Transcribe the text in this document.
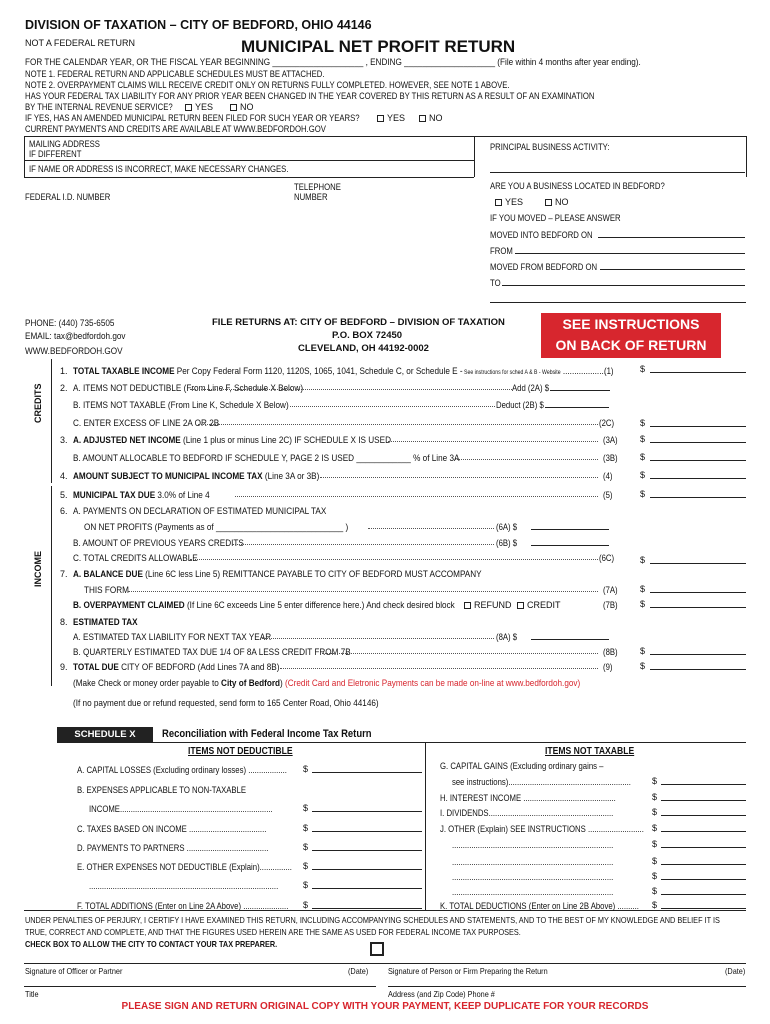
DIVISION OF TAXATION – CITY OF BEDFORD, OHIO 44146
NOT A FEDERAL RETURN	MUNICIPAL NET PROFIT RETURN
FOR THE CALENDAR YEAR, OR THE FISCAL YEAR BEGINNING ____________________ , ENDING ____________________ (File within 4 months after year ending).
NOTE 1. FEDERAL RETURN AND APPLICABLE SCHEDULES MUST BE ATTACHED.
NOTE 2. OVERPAYMENT CLAIMS WILL RECEIVE CREDIT ONLY ON RETURNS FULLY COMPLETED. HOWEVER, SEE NOTE 1 ABOVE.
HAS YOUR FEDERAL TAX LIABILITY FOR ANY PRIOR YEAR BEEN CHANGED IN THE YEAR COVERED BY THIS RETURN AS A RESULT OF AN EXAMINATION
BY THE INTERNAL REVENUE SERVICE?	YES	NO
IF YES, HAS AN AMENDED MUNICIPAL RETURN BEEN FILED FOR SUCH YEAR OR YEARS?	YES	NO
CURRENT PAYMENTS AND CREDITS ARE AVAILABLE AT WWW.BEDFORDOH.GOV
MAILING ADDRESS
IF DIFFERENT
IF NAME OR ADDRESS IS INCORRECT, MAKE NECESSARY CHANGES.
PRINCIPAL BUSINESS ACTIVITY:
FEDERAL I.D. NUMBER
TELEPHONE
NUMBER
ARE YOU A BUSINESS LOCATED IN BEDFORD?
YES	NO
IF YOU MOVED – PLEASE ANSWER
MOVED INTO BEDFORD ON
FROM
MOVED FROM BEDFORD ON
TO
PHONE: (440) 735-6505
EMAIL: tax@bedfordoh.gov
WWW.BEDFORDOH.GOV
FILE RETURNS AT: CITY OF BEDFORD – DIVISION OF TAXATION
P.O. BOX 72450
CLEVELAND, OH 44192-0002
SEE INSTRUCTIONS
ON BACK OF RETURN
CREDITS
INCOME
1. TOTAL TAXABLE INCOME Per Copy Federal Form 1120, 1120S, 1065, 1041, Schedule C, or Schedule E - See instructions for sched A & B - Website ...................
(1)	$
2. A. ITEMS NOT DEDUCTIBLE (From Line F, Schedule X Below)	Add (2A) $
B. ITEMS NOT TAXABLE (From Line K, Schedule X Below)	Deduct (2B) $
C. ENTER EXCESS OF LINE 2A OR 2B	(2C)	$
3. A. ADJUSTED NET INCOME (Line 1 plus or minus Line 2C) IF SCHEDULE X IS USED	(3A) $
B. AMOUNT ALLOCABLE TO BEDFORD IF SCHEDULE Y, PAGE 2 IS USED ____________ % of Line 3A	(3B) $
4. AMOUNT SUBJECT TO MUNICIPAL INCOME TAX (Line 3A or 3B)	(4)	$
5. MUNICIPAL TAX DUE 3.0% of Line 4	(5)	$
6. A. PAYMENTS ON DECLARATION OF ESTIMATED MUNICIPAL TAX
ON NET PROFITS (Payments as of ____________________________ )	(6A) $
B. AMOUNT OF PREVIOUS YEARS CREDITS	(6B) $
C. TOTAL CREDITS ALLOWABLE	(6C)	$
7. A. BALANCE DUE (Line 6C less Line 5) REMITTANCE PAYABLE TO CITY OF BEDFORD MUST ACCOMPANY
THIS FORM	(7A) $
B. OVERPAYMENT CLAIMED (If Line 6C exceeds Line 5 enter difference here.) And check desired block	REFUND	CREDIT	(7B) $
8. ESTIMATED TAX
A. ESTIMATED TAX LIABILITY FOR NEXT TAX YEAR	(8A) $
B. QUARTERLY ESTIMATED TAX DUE 1/4 OF 8A LESS CREDIT FROM 7B	(8B) $
9. TOTAL DUE CITY OF BEDFORD (Add Lines 7A and 8B)	(9)	$
(Make Check or money order payable to City of Bedford) (Credit Card and Eletronic Payments can be made on-line at www.bedfordoh.gov)
(If no payment due or refund requested, send form to 165 Center Road, Ohio 44146)
SCHEDULE X	Reconciliation with Federal Income Tax Return
ITEMS NOT DEDUCTIBLE	ITEMS NOT TAXABLE
A. CAPITAL LOSSES (Excluding ordinary losses) .................. $
B. EXPENSES APPLICABLE TO NON-TAXABLE
INCOME.......................................................................	$
C. TAXES BASED ON INCOME ....................................	$
D. PAYMENTS TO PARTNERS ......................................	$
E. OTHER EXPENSES NOT DEDUCTIBLE (Explain)............... $
........................................................................................	$
F. TOTAL ADDITIONS (Enter on Line 2A Above) ..................... $
G. CAPITAL GAINS (Excluding ordinary gains –
see instructions)......................................................... $
H. INTEREST INCOME ...........................................	$
I. DIVIDENDS..........................................................	$
J. OTHER (Explain) SEE INSTRUCTIONS .......................... $
...........................................................................	$
...........................................................................	$
...........................................................................	$
...........................................................................	$
K. TOTAL DEDUCTIONS (Enter on Line 2B Above) .......... $
UNDER PENALTIES OF PERJURY, I CERTIFY I HAVE EXAMINED THIS RETURN, INCLUDING ACCOMPANYING SCHEDULES AND STATEMENTS, AND TO THE BEST OF MY KNOWLEDGE AND BELIEF IT IS
TRUE, CORRECT AND COMPLETE, AND THAT THE FIGURES USED HEREIN ARE THE SAME AS USED FOR FEDERAL INCOME TAX PURPOSES.
CHECK BOX TO ALLOW THE CITY TO CONTACT YOUR TAX PREPARER.
Signature of Officer or Partner	(Date) Signature of Person or Firm Preparing the Return	(Date)
Title	Address (and Zip Code) Phone #
PLEASE SIGN AND RETURN ORIGINAL COPY WITH YOUR PAYMENT, KEEP DUPLICATE FOR YOUR RECORDS
